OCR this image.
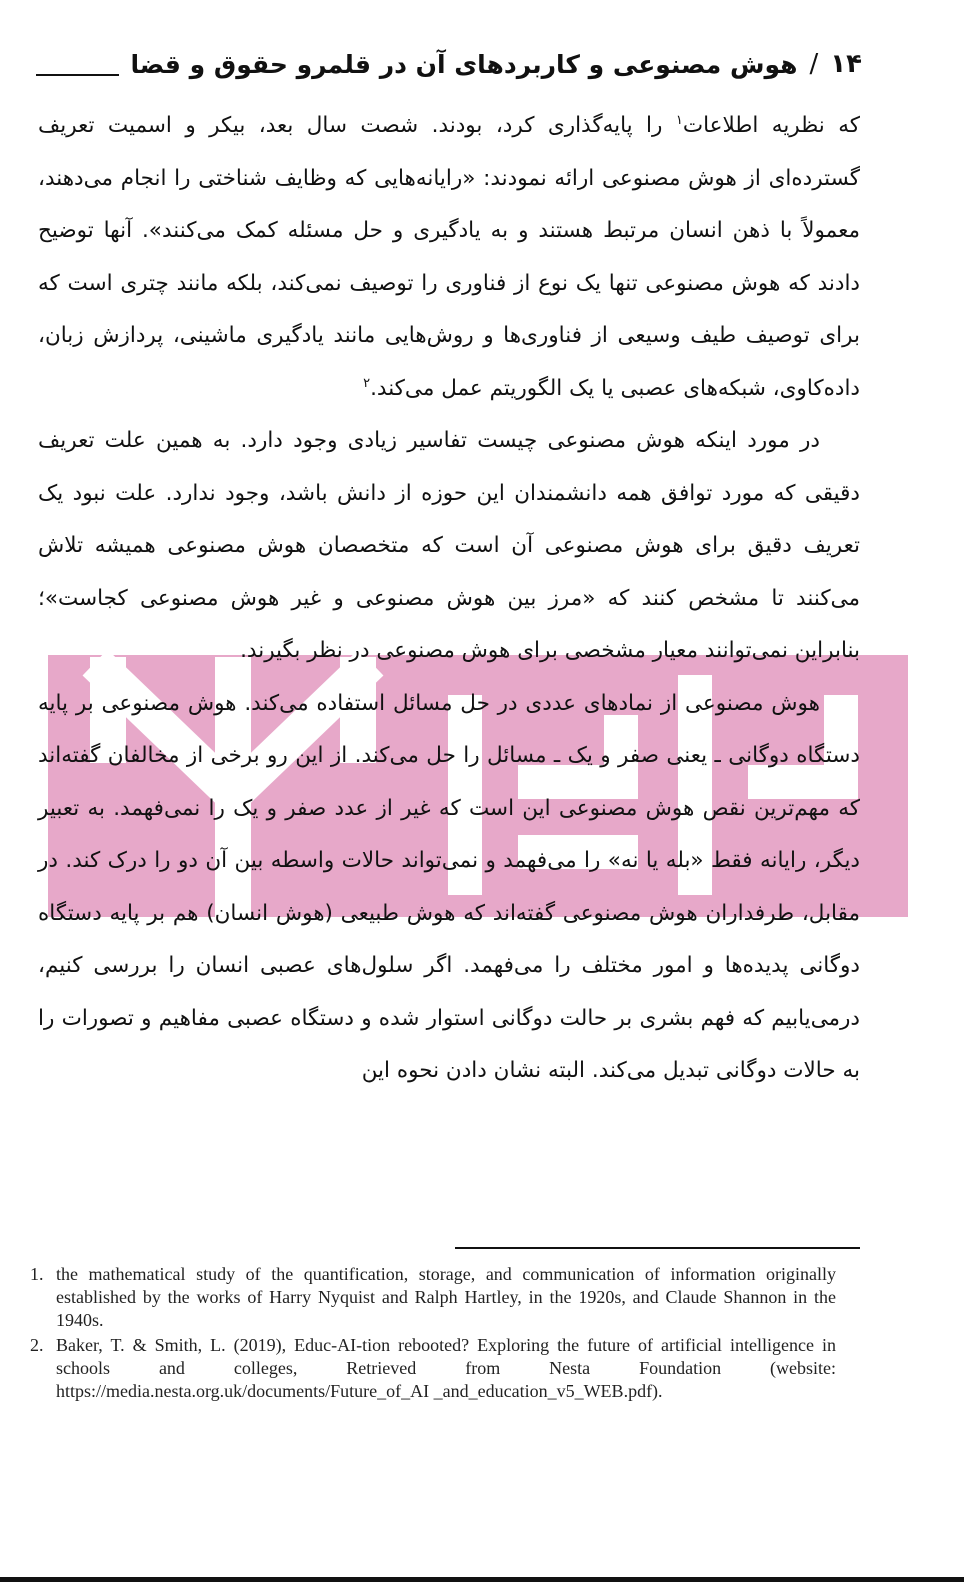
۱۴
/
هوش مصنوعی و کاربردهای آن در قلمرو حقوق و قضا

که نظریه اطلاعات$^۱$ را پایه‌گذاری کرد، بودند. شصت سال بعد، بیکر و اسمیت تعریف گسترده‌ای از هوش مصنوعی ارائه نمودند: «رایانه‌هایی که وظایف شناختی را انجام می‌دهند، معمولاً با ذهن انسان مرتبط هستند و به یادگیری و حل مسئله کمک می‌کنند». آنها توضیح دادند که هوش مصنوعی تنها یک نوع از فناوری را توصیف نمی‌کند، بلکه مانند چتری است که برای توصیف طیف وسیعی از فناوری‌ها و روش‌هایی مانند یادگیری ماشینی، پردازش زبان، داده‌کاوی، شبکه‌های عصبی یا یک الگوریتم عمل می‌کند.$^۲$

در مورد اینکه هوش مصنوعی چیست تفاسیر زیادی وجود دارد. به همین علت تعریف دقیقی که مورد توافق همه دانشمندان این حوزه از دانش باشد، وجود ندارد. علت نبود یک تعریف دقیق برای هوش مصنوعی آن است که متخصصان هوش مصنوعی همیشه تلاش می‌کنند تا مشخص کنند که «مرز بین هوش مصنوعی و غیر هوش مصنوعی کجاست»؛ بنابراین نمی‌توانند معیار مشخصی برای هوش مصنوعی در نظر بگیرند.

هوش مصنوعی از نمادهای عددی در حل مسائل استفاده می‌کند. هوش مصنوعی بر پایه دستگاه دوگانی ـ یعنی صفر و یک ـ مسائل را حل می‌کند. از این رو برخی از مخالفان گفته‌اند که مهم‌ترین نقص هوش مصنوعی این است که غیر از عدد صفر و یک را نمی‌فهمد. به تعبیر دیگر، رایانه فقط «بله یا نه» را می‌فهمد و نمی‌تواند حالات واسطه بین آن دو را درک کند. در مقابل، طرفداران هوش مصنوعی گفته‌اند که هوش طبیعی (هوش انسان) هم بر پایه دستگاه دوگانی پدیده‌ها و امور مختلف را می‌فهمد. اگر سلول‌های عصبی انسان را بررسی کنیم، درمی‌یابیم که فهم بشری بر حالت دوگانی استوار شده و دستگاه عصبی مفاهیم و تصورات را به حالات دوگانی تبدیل می‌کند. البته نشان دادن نحوه این

1. the mathematical study of the quantification, storage, and communication of information originally established by the works of Harry Nyquist and Ralph Hartley, in the 1920s, and Claude Shannon in the 1940s.
2. Baker, T. & Smith, L. (2019), Educ-AI-tion rebooted? Exploring the future of artificial intelligence in schools and colleges, Retrieved from Nesta Foundation (website: https://media.nesta.org.uk/documents/Future_of_AI _and_education_v5_WEB.pdf).
